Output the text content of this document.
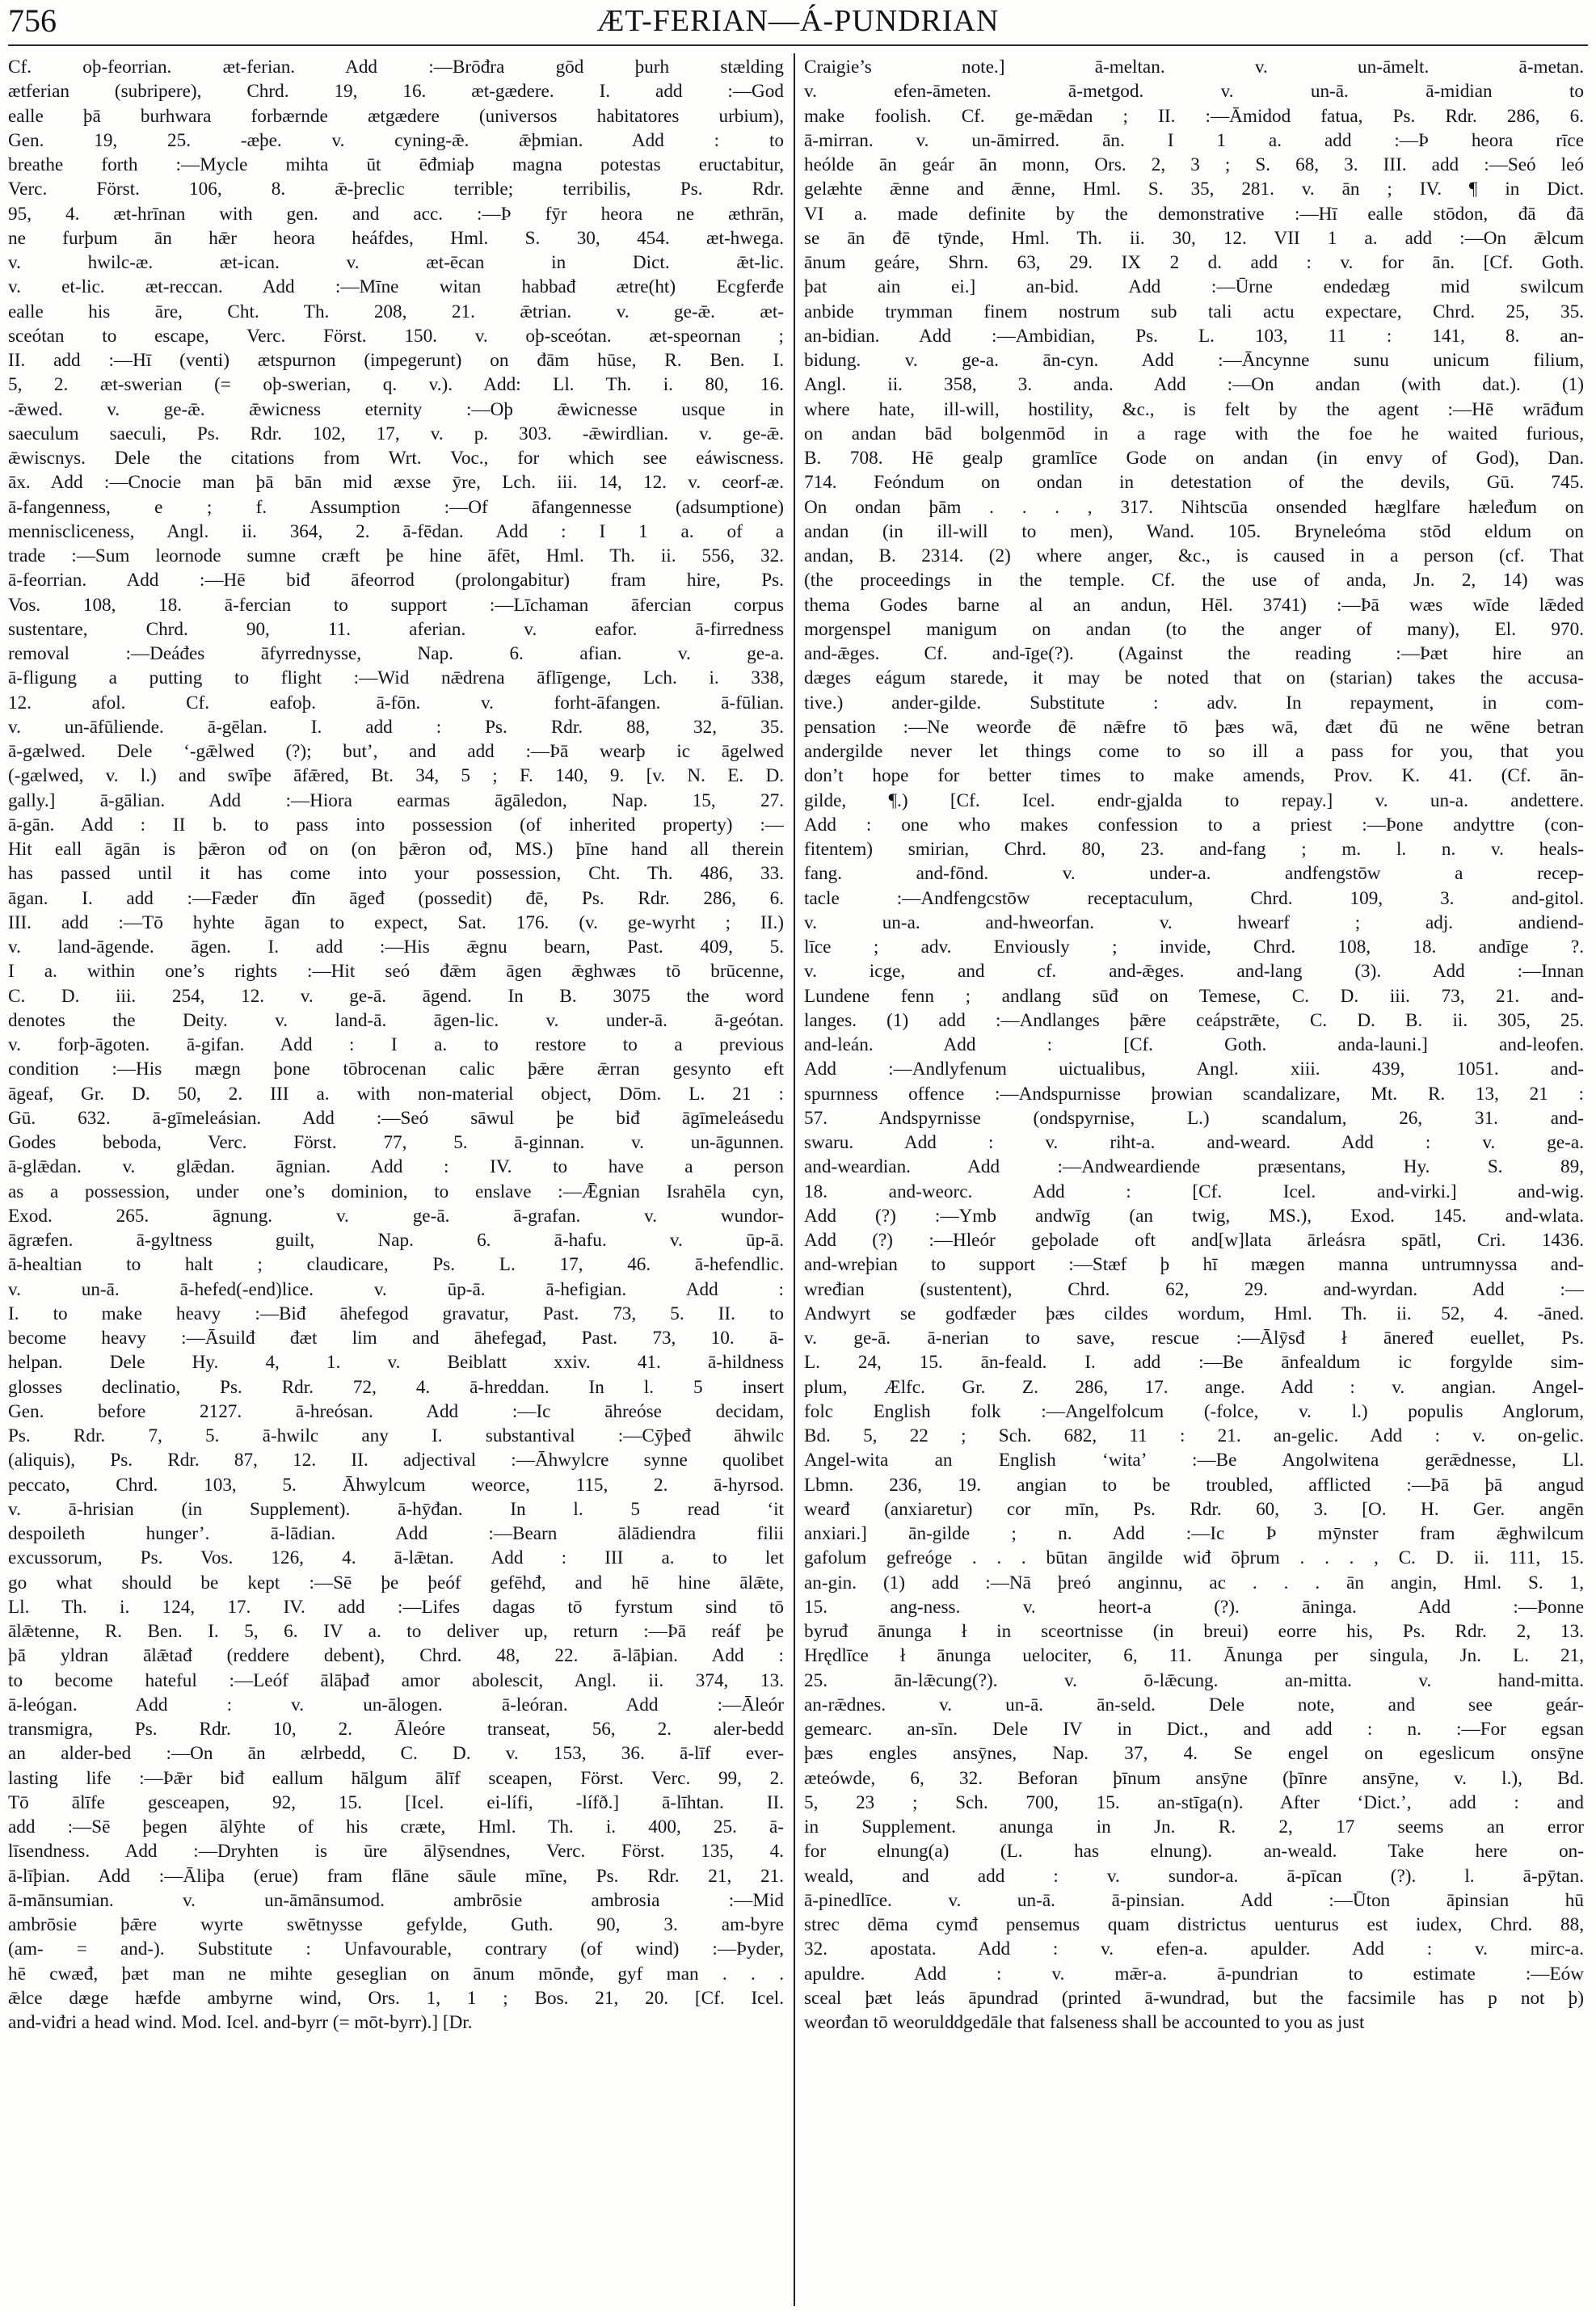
756	ÆT-FERIAN—Á-PUNDRIAN
Cf. oþ-feorrian. æt-ferian. Add :—Brōđra gōd þurh stælding
ætferian (subripere), Chrd. 19, 16. æt-gædere. I. add :—God
ealle þā burhwara forbærnde ætgædere (universos habitatores urbium),
Gen. 19, 25. -æþe. v. cyning-ǣ. ǣþmian. Add : to
breathe forth :—Mycle mihta ūt ēđmiaþ magna potestas eructabitur,
Verc. Först. 106, 8. ǣ-þreclic terrible; terribilis, Ps. Rdr.
95, 4. æt-hrīnan with gen. and acc. :—Þ fȳr heora ne æthrān,
ne furþum ān hǣr heora heáfdes, Hml. S. 30, 454. æt-hwega.
v. hwilc-æ. æt-ican. v. æt-ēcan in Dict. ǣt-lic.
v. et-lic. æt-reccan. Add :—Mīne witan habbađ ætre(ht) Ecgferđe
ealle his āre, Cht. Th. 208, 21. ǣtrian. v. ge-ǣ. æt-
sceótan to escape, Verc. Först. 150. v. oþ-sceótan. æt-speornan ;
II. add :—Hī (venti) ætspurnon (impegerunt) on đām hūse, R. Ben. I.
5, 2. æt-swerian (= oþ-swerian, q. v.). Add: Ll. Th. i. 80, 16.
-ǣwed. v. ge-ǣ. ǣwicness eternity :—Oþ ǣwicnesse usque in
saeculum saeculi, Ps. Rdr. 102, 17, v. p. 303. -ǣwirdlian. v. ge-ǣ.
ǣwiscnys. Dele the citations from Wrt. Voc., for which see eáwiscness.
āx. Add :—Cnocie man þā bān mid æxse ȳre, Lch. iii. 14, 12. v. ceorf-æ.
ā-fangenness, e ; f. Assumption :—Of āfangennesse (adsumptione)
menniscliceness, Angl. ii. 364, 2. ā-fēdan. Add : I 1 a. of a
trade :—Sum leornode sumne cræft þe hine āfēt, Hml. Th. ii. 556, 32.
ā-feorrian. Add :—Hē biđ āfeorrod (prolongabitur) fram hire, Ps.
Vos. 108, 18. ā-fercian to support :—Līchaman āfercian corpus
sustentare, Chrd. 90, 11. aferian. v. eafor. ā-firredness
removal :—Deáđes āfyrrednysse, Nap. 6. afian. v. ge-a.
ā-fligung a putting to flight :—Wid nǣdrena āflīgenge, Lch. i. 338,
12. afol. Cf. eafoþ. ā-fōn. v. forht-āfangen. ā-fūlian.
v. un-āfūliende. ā-gēlan. I. add : Ps. Rdr. 88, 32, 35.
ā-gælwed. Dele ‘-gǣlwed (?); but’, and add :—Þā wearþ ic āgelwed
(-gælwed, v. l.) and swīþe āfǣred, Bt. 34, 5 ; F. 140, 9. [v. N. E. D.
gally.] ā-gālian. Add :—Hiora earmas āgāledon, Nap. 15, 27.
ā-gān. Add : II b. to pass into possession (of inherited property) :—
Hit eall āgān is þǣron ođ on (on þǣron ođ, MS.) þīne hand all therein
has passed until it has come into your possession, Cht. Th. 486, 33.
āgan. I. add :—Fæder đīn āgeđ (possedit) đē, Ps. Rdr. 286, 6.
III. add :—Tō hyhte āgan to expect, Sat. 176. (v. ge-wyrht ; II.)
v. land-āgende. āgen. I. add :—His ǣgnu bearn, Past. 409, 5.
I a. within one’s rights :—Hit seó đǣm āgen ǣghwæs tō brūcenne,
C. D. iii. 254, 12. v. ge-ā. āgend. In B. 3075 the word
denotes the Deity. v. land-ā. āgen-lic. v. under-ā. ā-geótan.
v. forþ-āgoten. ā-gifan. Add : I a. to restore to a previous
condition :—His mægn þone tōbrocenan calic þǣre ǣrran gesynto eft
āgeaf, Gr. D. 50, 2. III a. with non-material object, Dōm. L. 21 :
Gū. 632. ā-gīmeleásian. Add :—Seó sāwul þe biđ āgīmeleásedu
Godes beboda, Verc. Först. 77, 5. ā-ginnan. v. un-āgunnen.
ā-glǣdan. v. glǣdan. āgnian. Add : IV. to have a person
as a possession, under one’s dominion, to enslave :—Ǣgnian Israhēla cyn,
Exod. 265. āgnung. v. ge-ā. ā-grafan. v. wundor-
āgræfen. ā-gyltness guilt, Nap. 6. ā-hafu. v. ūp-ā.
ā-healtian to halt ; claudicare, Ps. L. 17, 46. ā-hefendlic.
v. un-ā. ā-hefed(-end)lice. v. ūp-ā. ā-hefigian. Add :
I. to make heavy :—Biđ āhefegod gravatur, Past. 73, 5. II. to
become heavy :—Āsuilđ đæt lim and āhefegađ, Past. 73, 10. ā-
helpan. Dele Hy. 4, 1. v. Beiblatt xxiv. 41. ā-hildness
glosses declinatio, Ps. Rdr. 72, 4. ā-hreddan. In l. 5 insert
Gen. before 2127. ā-hreósan. Add :—Ic āhreóse decidam,
Ps. Rdr. 7, 5. ā-hwilc any I. substantival :—Cȳþeđ āhwilc
(aliquis), Ps. Rdr. 87, 12. II. adjectival :—Āhwylcre synne quolibet
peccato, Chrd. 103, 5. Āhwylcum weorce, 115, 2. ā-hyrsod.
v. ā-hrisian (in Supplement). ā-hȳđan. In l. 5 read ‘it
despoileth hunger’. ā-lādian. Add :—Bearn ālādiendra filii
excussorum, Ps. Vos. 126, 4. ā-lǣtan. Add : III a. to let
go what should be kept :—Sē þe þeóf gefēhđ, and hē hine ālǣte,
Ll. Th. i. 124, 17. IV. add :—Lifes dagas tō fyrstum sind tō
ālǣtenne, R. Ben. I. 5, 6. IV a. to deliver up, return :—Þā reáf þe
þā yldran ālǣtađ (reddere debent), Chrd. 48, 22. ā-lāþian. Add :
to become hateful :—Leóf ālāþađ amor abolescit, Angl. ii. 374, 13.
ā-leógan. Add : v. un-ālogen. ā-leóran. Add :—Āleór
transmigra, Ps. Rdr. 10, 2. Āleóre transeat, 56, 2. aler-bedd
an alder-bed :—On ān ælrbedd, C. D. v. 153, 36. ā-līf ever-
lasting life :—Þǣr biđ eallum hālgum ālīf sceapen, Först. Verc. 99, 2.
Tō ālīfe gesceapen, 92, 15. [Icel. ei-lífi, -lífð.] ā-līhtan. II.
add :—Sē þegen ālȳhte of his cræte, Hml. Th. i. 400, 25. ā-
līsendness. Add :—Dryhten is ūre ālȳsendnes, Verc. Först. 135, 4.
ā-līþian. Add :—Āliþa (erue) fram flāne sāule mīne, Ps. Rdr. 21, 21.
ā-mānsumian. v. un-āmānsumod. ambrōsie ambrosia :—Mid
ambrōsie þǣre wyrte swētnysse gefylde, Guth. 90, 3. am-byre
(am- = and-). Substitute : Unfavourable, contrary (of wind) :—Þyder,
hē cwæđ, þæt man ne mihte geseglian on ānum mōnđe, gyf man . . .
ǣlce dæge hæfde ambyrne wind, Ors. 1, 1 ; Bos. 21, 20. [Cf. Icel.
and-viđri a head wind. Mod. Icel. and-byrr (= mōt-byrr).] [Dr.
Craigie’s note.] ā-meltan. v. un-āmelt. ā-metan.
v. efen-āmeten. ā-metgod. v. un-ā. ā-midian to
make foolish. Cf. ge-mǣdan ; II. :—Āmidod fatua, Ps. Rdr. 286, 6.
ā-mirran. v. un-āmirred. ān. I 1 a. add :—Þ heora rīce
heólde ān geár ān monn, Ors. 2, 3 ; S. 68, 3. III. add :—Seó leó
gelæhte ǣnne and ǣnne, Hml. S. 35, 281. v. ān ; IV. ¶ in Dict.
VI a. made definite by the demonstrative :—Hī ealle stōdon, đā đā
se ān đē tȳnde, Hml. Th. ii. 30, 12. VII 1 a. add :—On ǣlcum
ānum geáre, Shrn. 63, 29. IX 2 d. add : v. for ān. [Cf. Goth.
þat ain ei.] an-bid. Add :—Ūrne endedæg mid swilcum
anbide trymman finem nostrum sub tali actu expectare, Chrd. 25, 35.
an-bidian. Add :—Ambidian, Ps. L. 103, 11 : 141, 8. an-
bidung. v. ge-a. ān-cyn. Add :—Āncynne sunu unicum filium,
Angl. ii. 358, 3. anda. Add :—On andan (with dat.). (1)
where hate, ill-will, hostility, &c., is felt by the agent :—Hē wrāđum
on andan bād bolgenmōd in a rage with the foe he waited furious,
B. 708. Hē gealp gramlīce Gode on andan (in envy of God), Dan.
714. Feóndum on ondan in detestation of the devils, Gū. 745.
On ondan þām . . . , 317. Nihtscūa onsended hæglfare hæleđum on
andan (in ill-will to men), Wand. 105. Bryneleóma stōd eldum on
andan, B. 2314. (2) where anger, &c., is caused in a person (cf. That
(the proceedings in the temple. Cf. the use of anda, Jn. 2, 14) was
thema Godes barne al an andun, Hēl. 3741) :—Þā wæs wīde lǣded
morgenspel manigum on andan (to the anger of many), El. 970.
and-ǣges. Cf. and-īge(?). (Against the reading :—Þæt hire an
dæges eágum starede, it may be noted that on (starian) takes the accusa-
tive.) ander-gilde. Substitute : adv. In repayment, in com-
pensation :—Ne weorđe đē nǣfre tō þæs wā, đæt đū ne wēne betran
andergilde never let things come to so ill a pass for you, that you
don’t hope for better times to make amends, Prov. K. 41. (Cf. ān-
gilde, ¶.) [Cf. Icel. endr-gjalda to repay.] v. un-a. andettere.
Add : one who makes confession to a priest :—Þone andyttre (con-
fitentem) smirian, Chrd. 80, 23. and-fang ; m. l. n. v. heals-
fang. and-fōnd. v. under-a. andfengstōw a recep-
tacle :—Andfengcstōw receptaculum, Chrd. 109, 3. and-gitol.
v. un-a. and-hweorfan. v. hwearf ; adj. andiend-
līce ; adv. Enviously ; invide, Chrd. 108, 18. andīge ?.
v. icge, and cf. and-ǣges. and-lang (3). Add :—Innan
Lundene fenn ; andlang sūđ on Temese, C. D. iii. 73, 21. and-
langes. (1) add :—Andlanges þǣre ceápstrǣte, C. D. B. ii. 305, 25.
and-leán. Add : [Cf. Goth. anda-launi.] and-leofen.
Add :—Andlyfenum uictualibus, Angl. xiii. 439, 1051. and-
spurnness offence :—Andspurnisse þrowian scandalizare, Mt. R. 13, 21 :
57. Andspyrnisse (ondspyrnise, L.) scandalum, 26, 31. and-
swaru. Add : v. riht-a. and-weard. Add : v. ge-a.
and-weardian. Add :—Andweardiende præsentans, Hy. S. 89,
18. and-weorc. Add : [Cf. Icel. and-virki.] and-wig.
Add (?) :—Ymb andwīg (an twig, MS.), Exod. 145. and-wlata.
Add (?) :—Hleór geþolade oft and[w]lata ārleásra spātl, Cri. 1436.
and-wreþian to support :—Stæf þ hī mægen manna untrumnyssa and-
wređian (sustentent), Chrd. 62, 29. and-wyrdan. Add :—
Andwyrt se godfæder þæs cildes wordum, Hml. Th. ii. 52, 4. -āned.
v. ge-ā. ā-nerian to save, rescue :—Ālȳsđ ł āneređ euellet, Ps.
L. 24, 15. ān-feald. I. add :—Be ānfealdum ic forgylde sim-
plum, Ælfc. Gr. Z. 286, 17. ange. Add : v. angian. Angel-
folc English folk :—Angelfolcum (-folce, v. l.) populis Anglorum,
Bd. 5, 22 ; Sch. 682, 11 : 21. an-gelic. Add : v. on-gelic.
Angel-wita an English ‘wita’ :—Be Angolwitena gerǣdnesse, Ll.
Lbmn. 236, 19. angian to be troubled, afflicted :—Þā þā angud
wearđ (anxiaretur) cor mīn, Ps. Rdr. 60, 3. [O. H. Ger. angēn
anxiari.] ān-gilde ; n. Add :—Ic Þ mȳnster fram ǣghwilcum
gafolum gefreóge . . . būtan āngilde wiđ ōþrum . . . , C. D. ii. 111, 15.
an-gin. (1) add :—Nā þreó anginnu, ac . . . ān angin, Hml. S. 1,
15. ang-ness. v. heort-a (?). āninga. Add :—Þonne
byruđ ānunga ł in sceortnisse (in breui) eorre his, Ps. Rdr. 2, 13.
Hrędlīce ł ānunga uelociter, 6, 11. Ānunga per singula, Jn. L. 21,
25. ān-lǣcung(?). v. ō-lǣcung. an-mitta. v. hand-mitta.
an-rǣdnes. v. un-ā. ān-seld. Dele note, and see geár-
gemearc. an-sīn. Dele IV in Dict., and add : n. :—For egsan
þæs engles ansȳnes, Nap. 37, 4. Se engel on egeslicum onsȳne
æteówde, 6, 32. Beforan þīnum ansȳne (þīnre ansȳne, v. l.), Bd.
5, 23 ; Sch. 700, 15. an-stīga(n). After ‘Dict.’, add : and
in Supplement. anunga in Jn. R. 2, 17 seems an error
for elnung(a) (L. has elnung). an-weald. Take here on-
weald, and add : v. sundor-a. ā-pīcan (?). l. ā-pȳtan.
ā-pinedlīce. v. un-ā. ā-pinsian. Add :—Ūton āpinsian hū
strec dēma cymđ pensemus quam districtus uenturus est iudex, Chrd. 88,
32. apostata. Add : v. efen-a. apulder. Add : v. mirc-a.
apuldre. Add : v. mǣr-a. ā-pundrian to estimate :—Eów
sceal þæt leás āpundrad (printed ā-wundrad, but the facsimile has p not þ)
weorđan tō weorulddgedāle that falseness shall be accounted to you as just
